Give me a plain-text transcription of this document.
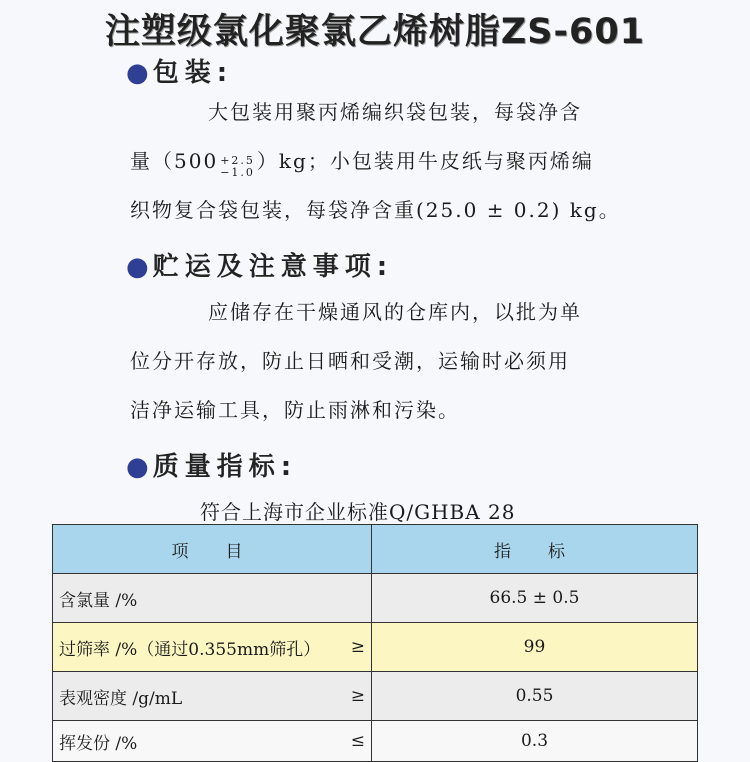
注塑级氯化聚氯乙烯树脂ZS-601
● 包装:
大包装用聚丙烯编织袋包装，每袋净含
量（500 +2.5
−1.0 ）kg；小包装用牛皮纸与聚丙烯编
织物复合袋包装，每袋净含重(25.0 ± 0.2) kg。
● 贮运及注意事项:
应储存在干燥通风的仓库内，以批为单
位分开存放，防止日晒和受潮，运输时必须用
洁净运输工具，防止雨淋和污染。
● 质量指标:
符合上海市企业标准Q/GHBA 28
项　目	指　标

含氯量 /%	66.5 ± 0.5

过筛率 /%（通过0.355mm筛孔） ≥	99

表观密度 /g/mL ≥	0.55

挥发份 /% ≤	0.3
